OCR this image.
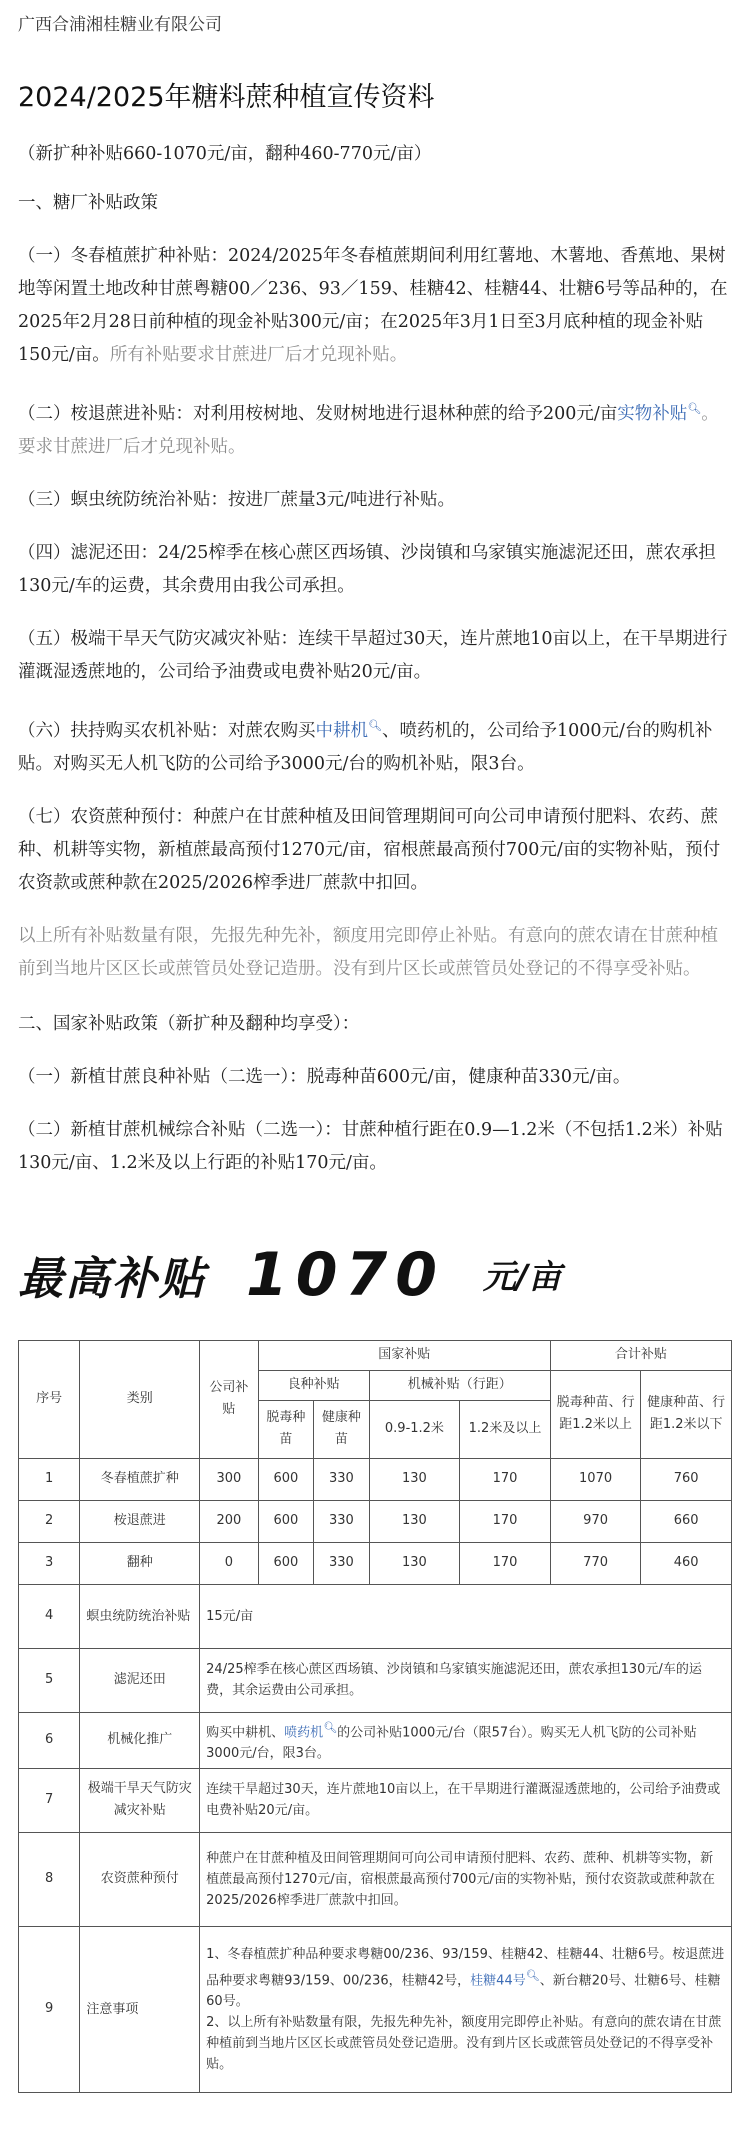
广西合浦湘桂糖业有限公司
2024/2025年糖料蔗种植宣传资料

（新扩种补贴660-1070元/亩，翻种460-770元/亩）

一、糖厂补贴政策

（一）冬春植蔗扩种补贴：2024/2025年冬春植蔗期间利用红薯地、木薯地、香蕉地、果树地等闲置土地改种甘蔗粤糖00／236、93／159、桂糖42、桂糖44、壮糖6号等品种的，在2025年2月28日前种植的现金补贴300元/亩；在2025年3月1日至3月底种植的现金补贴150元/亩。所有补贴要求甘蔗进厂后才兑现补贴。

（二）桉退蔗进补贴：对利用桉树地、发财树地进行退林种蔗的给予200元/亩实物补贴🔍︎。要求甘蔗进厂后才兑现补贴。

（三）螟虫统防统治补贴：按进厂蔗量3元/吨进行补贴。

（四）滤泥还田：24/25榨季在核心蔗区西场镇、沙岗镇和乌家镇实施滤泥还田，蔗农承担130元/车的运费，其余费用由我公司承担。

（五）极端干旱天气防灾减灾补贴：连续干旱超过30天，连片蔗地10亩以上，在干旱期进行灌溉湿透蔗地的，公司给予油费或电费补贴20元/亩。

（六）扶持购买农机补贴：对蔗农购买中耕机🔍︎、喷药机的，公司给予1000元/台的购机补贴。对购买无人机飞防的公司给予3000元/台的购机补贴，限3台。

（七）农资蔗种预付：种蔗户在甘蔗种植及田间管理期间可向公司申请预付肥料、农药、蔗种、机耕等实物，新植蔗最高预付1270元/亩，宿根蔗最高预付700元/亩的实物补贴，预付农资款或蔗种款在2025/2026榨季进厂蔗款中扣回。

以上所有补贴数量有限，先报先种先补，额度用完即停止补贴。有意向的蔗农请在甘蔗种植前到当地片区区长或蔗管员处登记造册。没有到片区长或蔗管员处登记的不得享受补贴。

二、国家补贴政策（新扩种及翻种均享受）：

（一）新植甘蔗良种补贴（二选一）：脱毒种苗600元/亩，健康种苗330元/亩。

（二）新植甘蔗机械综合补贴（二选一）：甘蔗种植行距在0.9—1.2米（不包括1.2米）补贴130元/亩、1.2米及以上行距的补贴170元/亩。

最高补贴 1070 元/亩
序号	类别	公司补贴	国家补贴				合计补贴	
			良种补贴		机械补贴（行距）		脱毒种苗、行距1.2米以上	健康种苗、行距1.2米以下
			脱毒种苗	健康种苗	0.9-1.2米	1.2米及以上		
1	冬春植蔗扩种	300	600	330	130	170	1070	760
2	桉退蔗进	200	600	330	130	170	970	660
3	翻种	0	600	330	130	170	770	460
4	螟虫统防统治补贴	15元/亩						
5	滤泥还田	24/25榨季在核心蔗区西场镇、沙岗镇和乌家镇实施滤泥还田，蔗农承担130元/车的运费，其余运费由公司承担。						
6	机械化推广	购买中耕机、喷药机🔍︎的公司补贴1000元/台（限57台）。购买无人机飞防的公司补贴3000元/台，限3台。						
7	极端干旱天气防灾减灾补贴	连续干旱超过30天，连片蔗地10亩以上，在干旱期进行灌溉湿透蔗地的，公司给予油费或电费补贴20元/亩。						
8	农资蔗种预付	种蔗户在甘蔗种植及田间管理期间可向公司申请预付肥料、农药、蔗种、机耕等实物，新植蔗最高预付1270元/亩，宿根蔗最高预付700元/亩的实物补贴，预付农资款或蔗种款在2025/2026榨季进厂蔗款中扣回。						
9	注意事项	1、冬春植蔗扩种品种要求粤糖00/236、93/159、桂糖42、桂糖44、壮糖6号。桉退蔗进品种要求粤糖93/159、00/236，桂糖42号，桂糖44号🔍︎、新台糖20号、壮糖6号、桂糖60号。
2、以上所有补贴数量有限，先报先种先补，额度用完即停止补贴。有意向的蔗农请在甘蔗种植前到当地片区区长或蔗管员处登记造册。没有到片区长或蔗管员处登记的不得享受补贴。						
